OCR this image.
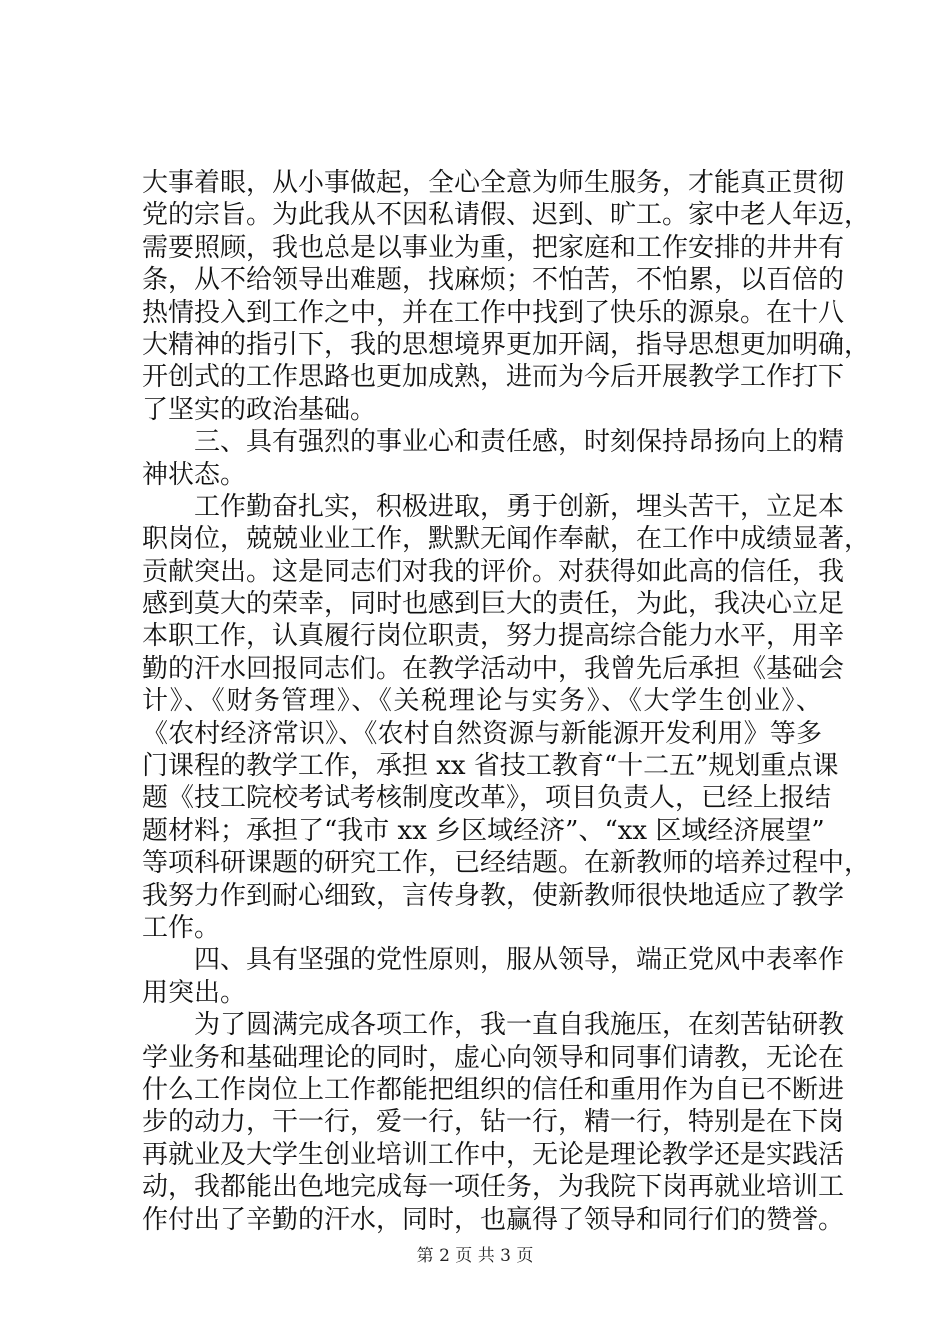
大事着眼，从小事做起，全心全意为师生服务，才能真正贯彻
党的宗旨。为此我从不因私请假、迟到、旷工。家中老人年迈，
需要照顾，我也总是以事业为重，把家庭和工作安排的井井有
条，从不给领导出难题，找麻烦；不怕苦，不怕累，以百倍的
热情投入到工作之中，并在工作中找到了快乐的源泉。在十八
大精神的指引下，我的思想境界更加开阔，指导思想更加明确，
开创式的工作思路也更加成熟，进而为今后开展教学工作打下
了坚实的政治基础。
　　三、具有强烈的事业心和责任感，时刻保持昂扬向上的精
神状态。
　　工作勤奋扎实，积极进取，勇于创新，埋头苦干，立足本
职岗位，兢兢业业工作，默默无闻作奉献，在工作中成绩显著，
贡献突出。这是同志们对我的评价。对获得如此高的信任，我
感到莫大的荣幸，同时也感到巨大的责任，为此，我决心立足
本职工作，认真履行岗位职责，努力提高综合能力水平，用辛
勤的汗水回报同志们。在教学活动中，我曾先后承担《基础会
计》、《财务管理》、《关税理论与实务》、《大学生创业》、
《农村经济常识》、《农村自然资源与新能源开发利用》等多
门课程的教学工作，承担 xx 省技工教育“十二五”规划重点课
题《技工院校考试考核制度改革》，项目负责人，已经上报结
题材料；承担了“我市 xx 乡区域经济”、“xx 区域经济展望”
等项科研课题的研究工作，已经结题。在新教师的培养过程中，
我努力作到耐心细致，言传身教，使新教师很快地适应了教学
工作。
　　四、具有坚强的党性原则，服从领导，端正党风中表率作
用突出。
　　为了圆满完成各项工作，我一直自我施压，在刻苦钻研教
学业务和基础理论的同时，虚心向领导和同事们请教，无论在
什么工作岗位上工作都能把组织的信任和重用作为自已不断进
步的动力，干一行，爱一行，钻一行，精一行，特别是在下岗
再就业及大学生创业培训工作中，无论是理论教学还是实践活
动，我都能出色地完成每一项任务，为我院下岗再就业培训工
作付出了辛勤的汗水，同时，也赢得了领导和同行们的赞誉。
第 2 页 共 3 页
